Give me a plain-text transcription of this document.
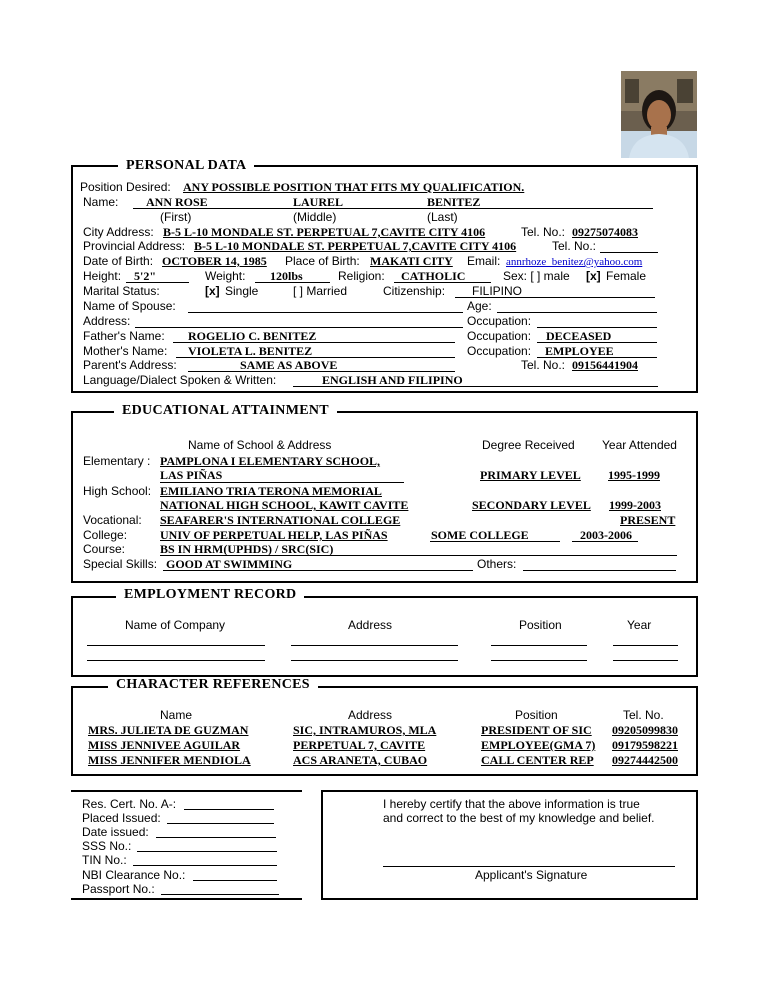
PERSONAL DATA
Position Desired: ANY POSSIBLE POSITION THAT FITS MY QUALIFICATION.
Name: ANN ROSE	LAUREL	BENITEZ
(First)	(Middle)	(Last)
City Address: B-5 L-10 MONDALE ST. PERPETUAL 7,CAVITE CITY 4106	Tel. No.: 09275074083
Provincial Address: B-5 L-10 MONDALE ST. PERPETUAL 7,CAVITE CITY 4106	Tel. No.:
Date of Birth: OCTOBER 14, 1985 Place of Birth: MAKATI CITY Email: annrhoze_benitez@yahoo.com
Height: 5'2"	Weight: 120lbs	Religion: CATHOLIC	Sex: [ ] male [x] Female
Marital Status:	[x] Single	[ ] Married	Citizenship: FILIPINO
Name of Spouse:	Age:
Address:	Occupation:
Father's Name: ROGELIO C. BENITEZ	Occupation: DECEASED
Mother's Name: VIOLETA L. BENITEZ	Occupation: EMPLOYEE
Parent's Address:	SAME AS ABOVE	Tel. No.: 09156441904
Language/Dialect Spoken & Written:	ENGLISH AND FILIPINO
EDUCATIONAL ATTAINMENT
Name of School & Address	Degree Received Year Attended
Elementary : PAMPLONA I ELEMENTARY SCHOOL,
LAS PIÑAS	PRIMARY LEVEL 1995-1999
High School: EMILIANO TRIA TERONA MEMORIAL
NATIONAL HIGH SCHOOL, KAWIT CAVITE	SECONDARY LEVEL 1999-2003
Vocational: SEAFARER'S INTERNATIONAL COLLEGE	PRESENT
College:	UNIV OF PERPETUAL HELP, LAS PIÑAS	SOME COLLEGE	2003-2006
Course:	BS IN HRM(UPHDS) / SRC(SIC)
Special Skills: GOOD AT SWIMMING	Others:
EMPLOYMENT RECORD
Name of Company	Address	Position	Year
CHARACTER REFERENCES
Name	Address	Position	Tel. No.
MRS. JULIETA DE GUZMAN	SIC, INTRAMUROS, MLA	PRESIDENT OF SIC 09205099830
MISS JENNIVEE AGUILAR	PERPETUAL 7, CAVITE	EMPLOYEE(GMA 7) 09179598221
MISS JENNIFER MENDIOLA	ACS ARANETA, CUBAO	CALL CENTER REP 09274442500
Res. Cert. No. A-:
Placed Issued:
Date issued:
SSS No.:
TIN No.:
NBI Clearance No.:
Passport No.:
I hereby certify that the above information is true
and correct to the best of my knowledge and belief.
Applicant's Signature
